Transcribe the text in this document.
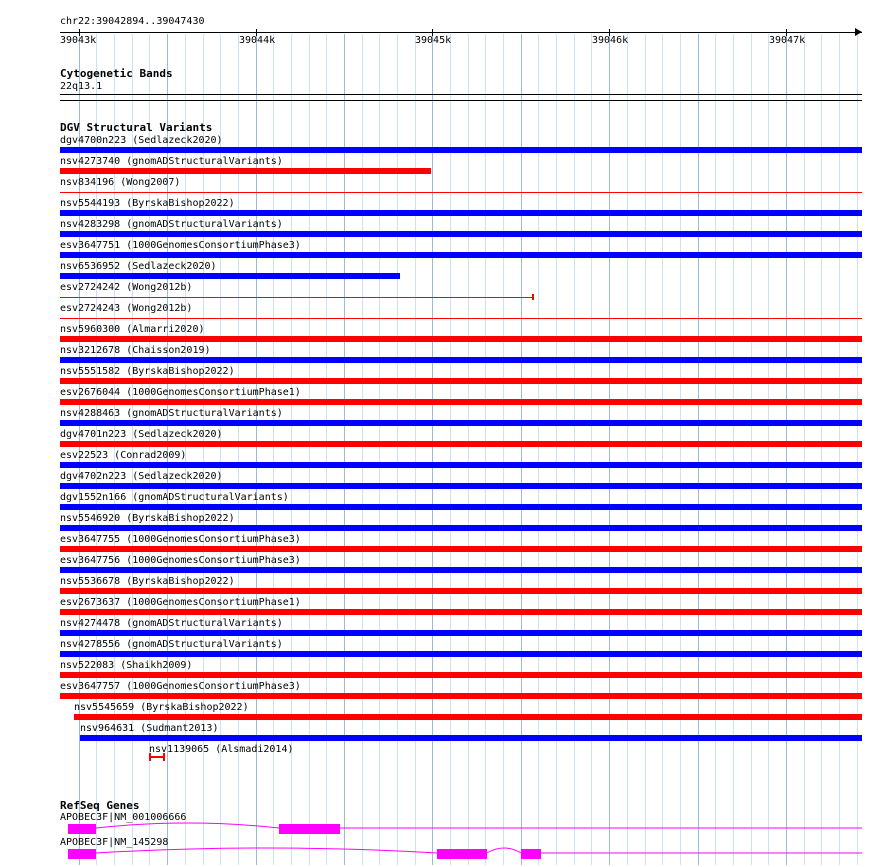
chr22:39042894..39047430
39043k	39044k	39045k	39046k	39047k
Cytogenetic Bands
22q13.1
DGV Structural Variants
dgv4700n223 (Sedlazeck2020)
nsv4273740 (gnomADStructuralVariants)
nsv834196 (Wong2007)
nsv5544193 (ByrskaBishop2022)
nsv4283298 (gnomADStructuralVariants)
esv3647751 (1000GenomesConsortiumPhase3)
nsv6536952 (Sedlazeck2020)
esv2724242 (Wong2012b)
esv2724243 (Wong2012b)
nsv5960300 (Almarri2020)
nsv3212678 (Chaisson2019)
nsv5551582 (ByrskaBishop2022)
esv2676044 (1000GenomesConsortiumPhase1)
nsv4288463 (gnomADStructuralVariants)
dgv4701n223 (Sedlazeck2020)
esv22523 (Conrad2009)
dgv4702n223 (Sedlazeck2020)
dgv1552n166 (gnomADStructuralVariants)
nsv5546920 (ByrskaBishop2022)
esv3647755 (1000GenomesConsortiumPhase3)
esv3647756 (1000GenomesConsortiumPhase3)
nsv5536678 (ByrskaBishop2022)
esv2673637 (1000GenomesConsortiumPhase1)
nsv4274478 (gnomADStructuralVariants)
nsv4278556 (gnomADStructuralVariants)
nsv522083 (Shaikh2009)
esv3647757 (1000GenomesConsortiumPhase3)
nsv5545659 (ByrskaBishop2022)
nsv964631 (Sudmant2013)
nsv1139065 (Alsmadi2014)
RefSeq Genes
APOBEC3F|NM_001006666
APOBEC3F|NM_145298
